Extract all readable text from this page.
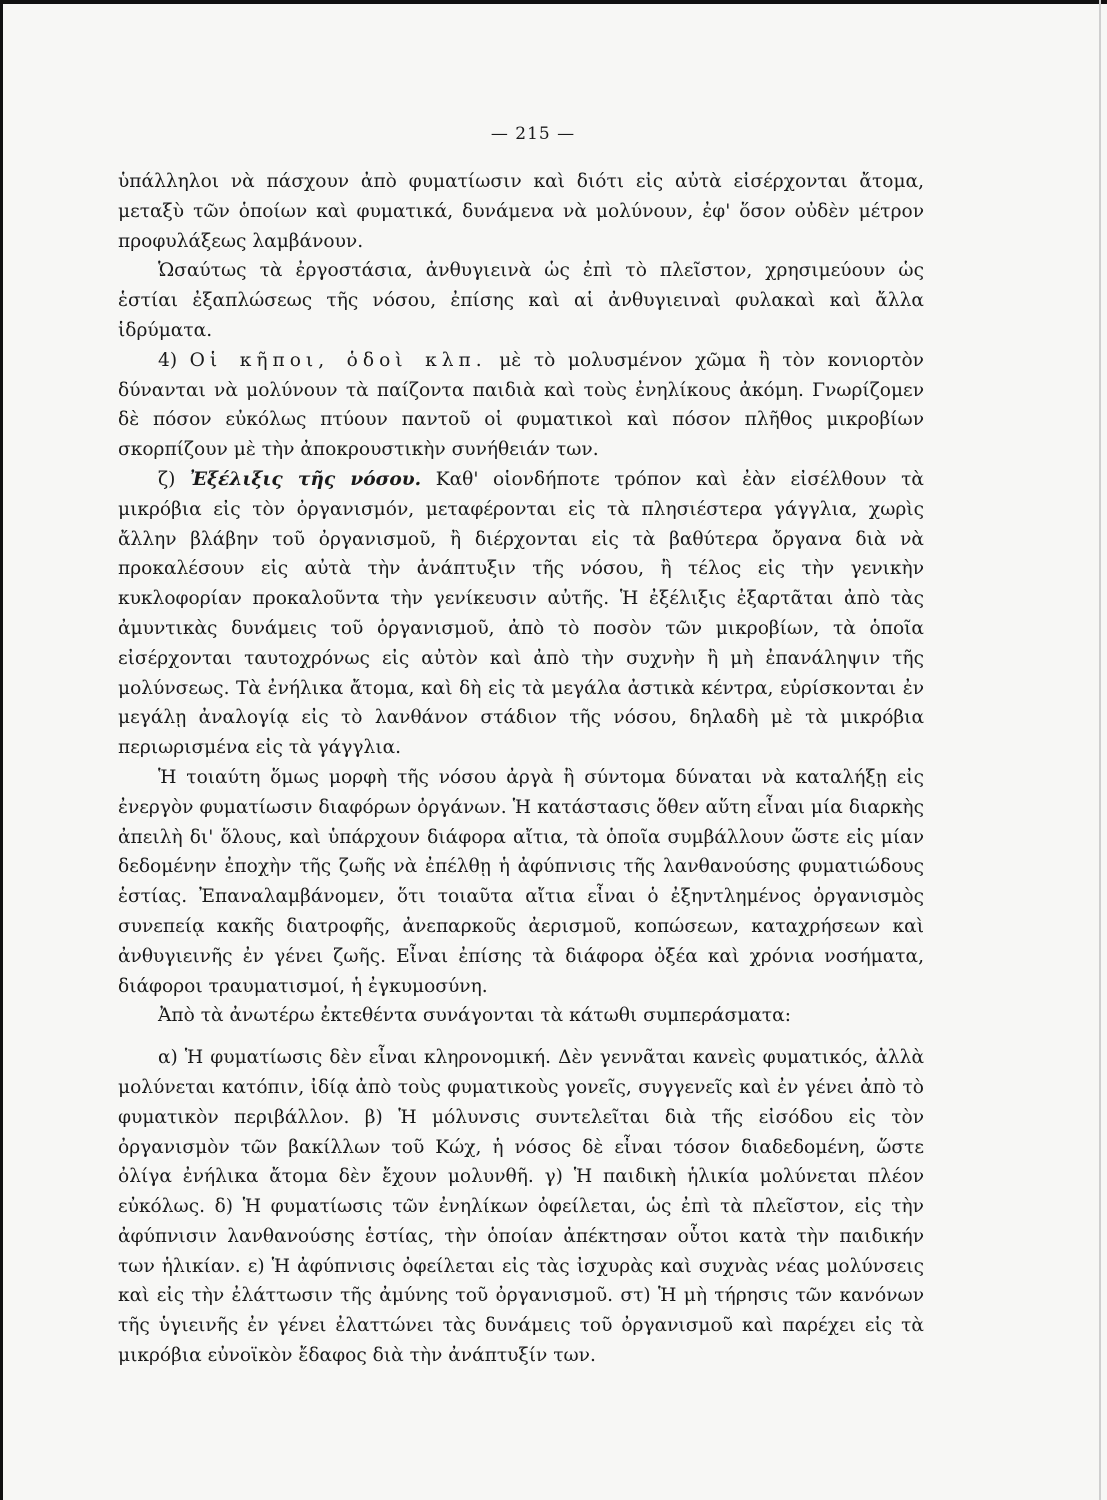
— 215 —

ὑπάλληλοι νὰ πάσχουν ἀπὸ φυματίωσιν καὶ διότι εἰς αὐτὰ εἰσέρχονται ἄτομα, μεταξὺ τῶν ὁποίων καὶ φυματικά, δυνάμενα νὰ μολύνουν, ἐφ' ὅσον οὐδὲν μέτρον προφυλάξεως λαμβάνουν.

Ὡσαύτως τὰ ἐργοστάσια, ἀνθυγιεινὰ ὡς ἐπὶ τὸ πλεῖστον, χρησιμεύουν ὡς ἑστίαι ἐξαπλώσεως τῆς νόσου, ἐπίσης καὶ αἱ ἀνθυγιειναὶ φυλακαὶ καὶ ἄλλα ἱδρύματα.

4) Οἱ κῆποι, ὁδοὶ κλπ. μὲ τὸ μολυσμένον χῶμα ἢ τὸν κονιορτὸν δύνανται νὰ μολύνουν τὰ παίζοντα παιδιὰ καὶ τοὺς ἐνηλίκους ἀκόμη. Γνωρίζομεν δὲ πόσον εὐκόλως πτύουν παντοῦ οἱ φυματικοὶ καὶ πόσον πλῆθος μικροβίων σκορπίζουν μὲ τὴν ἀποκρουστικὴν συνήθειάν των.

ζ) Ἐξέλιξις τῆς νόσου. Καθ' οἱονδήποτε τρόπον καὶ ἐὰν εἰσέλθουν τὰ μικρόβια εἰς τὸν ὀργανισμόν, μεταφέρονται εἰς τὰ πλησιέστερα γάγγλια, χωρὶς ἄλλην βλάβην τοῦ ὀργανισμοῦ, ἢ διέρχονται εἰς τὰ βαθύτερα ὄργανα διὰ νὰ προκαλέσουν εἰς αὐτὰ τὴν ἀνάπτυξιν τῆς νόσου, ἢ τέλος εἰς τὴν γενικὴν κυκλοφορίαν προκαλοῦντα τὴν γενίκευσιν αὐτῆς. Ἡ ἐξέλιξις ἐξαρτᾶται ἀπὸ τὰς ἀμυντικὰς δυνάμεις τοῦ ὀργανισμοῦ, ἀπὸ τὸ ποσὸν τῶν μικροβίων, τὰ ὁποῖα εἰσέρχονται ταυτοχρόνως εἰς αὐτὸν καὶ ἀπὸ τὴν συχνὴν ἢ μὴ ἐπανάληψιν τῆς μολύνσεως. Τὰ ἐνήλικα ἄτομα, καὶ δὴ εἰς τὰ μεγάλα ἀστικὰ κέντρα, εὑρίσκονται ἐν μεγάλῃ ἀναλογίᾳ εἰς τὸ λανθάνον στάδιον τῆς νόσου, δηλαδὴ μὲ τὰ μικρόβια περιωρισμένα εἰς τὰ γάγγλια.

Ἡ τοιαύτη ὅμως μορφὴ τῆς νόσου ἀργὰ ἢ σύντομα δύναται νὰ καταλήξῃ εἰς ἐνεργὸν φυματίωσιν διαφόρων ὀργάνων. Ἡ κατάστασις ὅθεν αὕτη εἶναι μία διαρκὴς ἀπειλὴ δι' ὅλους, καὶ ὑπάρχουν διάφορα αἴτια, τὰ ὁποῖα συμβάλλουν ὥστε εἰς μίαν δεδομένην ἐποχὴν τῆς ζωῆς νὰ ἐπέλθῃ ἡ ἀφύπνισις τῆς λανθανούσης φυματιώδους ἑστίας. Ἐπαναλαμβάνομεν, ὅτι τοιαῦτα αἴτια εἶναι ὁ ἐξηντλημένος ὀργανισμὸς συνεπείᾳ κακῆς διατροφῆς, ἀνεπαρκοῦς ἀερισμοῦ, κοπώσεων, καταχρήσεων καὶ ἀνθυγιεινῆς ἐν γένει ζωῆς. Εἶναι ἐπίσης τὰ διάφορα ὀξέα καὶ χρόνια νοσήματα, διάφοροι τραυματισμοί, ἡ ἐγκυμοσύνη.

Ἀπὸ τὰ ἀνωτέρω ἐκτεθέντα συνάγονται τὰ κάτωθι συμπεράσματα:

α) Ἡ φυματίωσις δὲν εἶναι κληρονομική. Δὲν γεννᾶται κανεὶς φυματικός, ἀλλὰ μολύνεται κατόπιν, ἰδίᾳ ἀπὸ τοὺς φυματικοὺς γονεῖς, συγγενεῖς καὶ ἐν γένει ἀπὸ τὸ φυματικὸν περιβάλλον. β) Ἡ μόλυνσις συντελεῖται διὰ τῆς εἰσόδου εἰς τὸν ὀργανισμὸν τῶν βακίλλων τοῦ Κώχ, ἡ νόσος δὲ εἶναι τόσον διαδεδομένη, ὥστε ὀλίγα ἐνήλικα ἄτομα δὲν ἔχουν μολυνθῆ. γ) Ἡ παιδικὴ ἡλικία μολύνεται πλέον εὐκόλως. δ) Ἡ φυματίωσις τῶν ἐνηλίκων ὀφείλεται, ὡς ἐπὶ τὰ πλεῖστον, εἰς τὴν ἀφύπνισιν λανθανούσης ἑστίας, τὴν ὁποίαν ἀπέκτησαν οὗτοι κατὰ τὴν παιδικήν των ἡλικίαν. ε) Ἡ ἀφύπνισις ὀφείλεται εἰς τὰς ἰσχυρὰς καὶ συχνὰς νέας μολύνσεις καὶ εἰς τὴν ἐλάττωσιν τῆς ἀμύνης τοῦ ὀργανισμοῦ. στ) Ἡ μὴ τήρησις τῶν κανόνων τῆς ὑγιεινῆς ἐν γένει ἐλαττώνει τὰς δυνάμεις τοῦ ὀργανισμοῦ καὶ παρέχει εἰς τὰ μικρόβια εὐνοϊκὸν ἔδαφος διὰ τὴν ἀνάπτυξίν των.
